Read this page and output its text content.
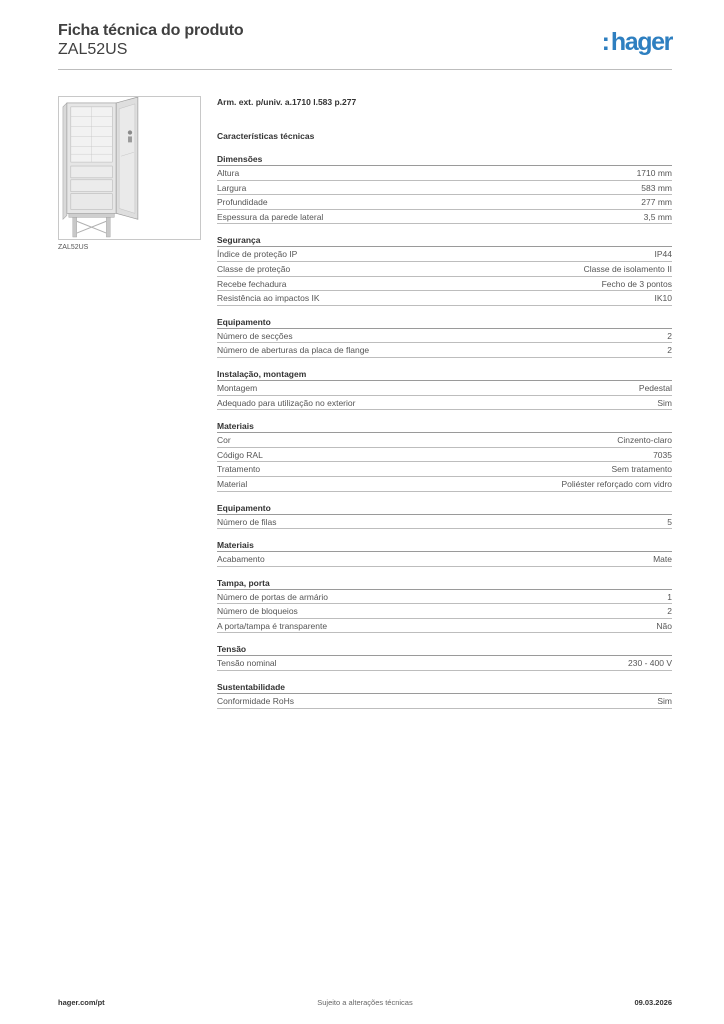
Ficha técnica do produto
ZAL52US	:hager
ZAL52US
Arm. ext. p/univ. a.1710 l.583 p.277
Características técnicas
Dimensões
Altura	1710 mm
Largura	583 mm
Profundidade	277 mm
Espessura da parede lateral	3,5 mm
Segurança
Índice de proteção IP	IP44
Classe de proteção	Classe de isolamento II
Recebe fechadura	Fecho de 3 pontos
Resistência ao impactos IK	IK10
Equipamento
Número de secções	2
Número de aberturas da placa de flange	2
Instalação, montagem
Montagem	Pedestal
Adequado para utilização no exterior	Sim
Materiais
Cor	Cinzento-claro
Código RAL	7035
Tratamento	Sem tratamento
Material	Poliéster reforçado com vidro
Equipamento
Número de filas	5
Materiais
Acabamento	Mate
Tampa, porta
Número de portas de armário	1
Número de bloqueios	2
A porta/tampa é transparente	Não
Tensão
Tensão nominal	230 - 400 V
Sustentabilidade
Conformidade RoHs	Sim
hager.com/pt	Sujeito a alterações técnicas	09.03.2026
